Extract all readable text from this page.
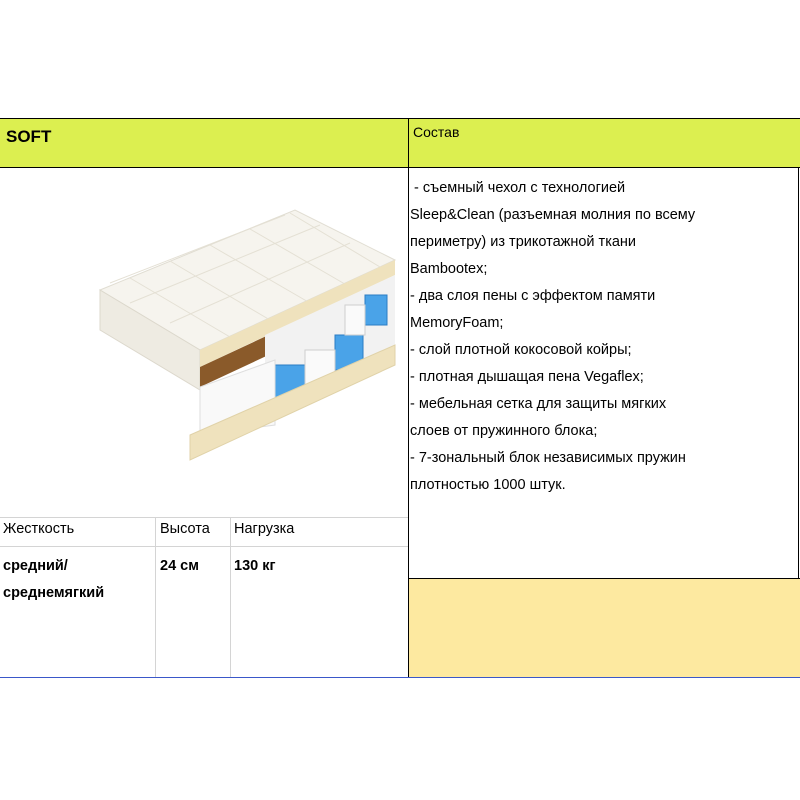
SOFT	Состав
- съемный чехол с технологией
Sleep&Clean (разъемная молния по всему
периметру) из трикотажной ткани
Bambootex;
- два слоя пены с эффектом памяти
MemoryFoam;
- слой плотной кокосовой койры;
- плотная дышащая пена Vegaflex;
- мебельная сетка для защиты мягких
слоев от пружинного блока;
- 7-зональный блок независимых пружин
плотностью 1000 штук.
Жесткость	Высота Нагрузка
средний/
среднемягкий
24 см 130 кг
